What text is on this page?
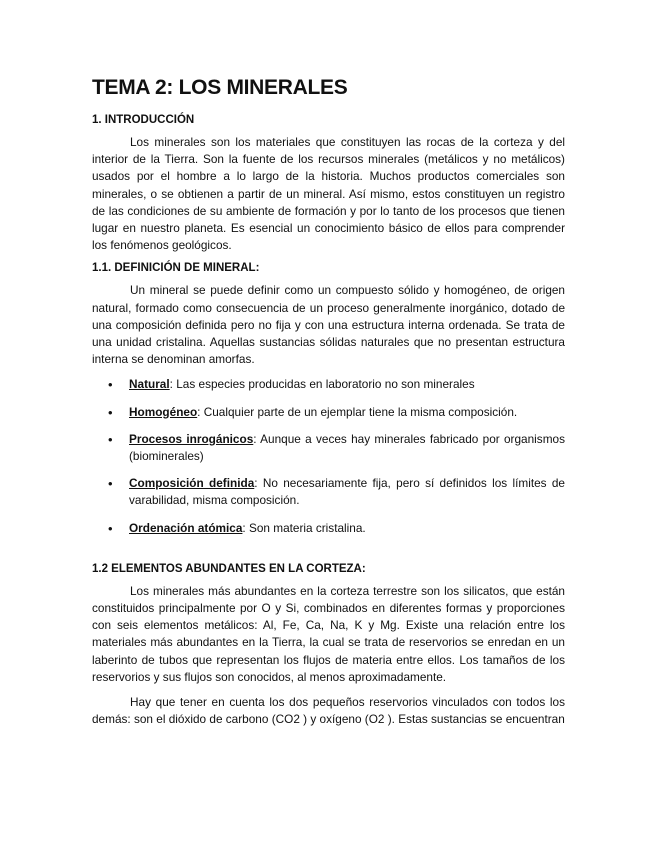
TEMA 2: LOS MINERALES
1. INTRODUCCIÓN

Los minerales son los materiales que constituyen las rocas de la corteza y del interior de la Tierra. Son la fuente de los recursos minerales (metálicos y no metálicos) usados por el hombre a lo largo de la historia. Muchos productos comerciales son minerales, o se obtienen a partir de un mineral. Así mismo, estos constituyen un registro de las condiciones de su ambiente de formación y por lo tanto de los procesos que tienen lugar en nuestro planeta. Es esencial un conocimiento básico de ellos para comprender los fenómenos geológicos.

1.1. DEFINICIÓN DE MINERAL:

Un mineral se puede definir como un compuesto sólido y homogéneo, de origen natural, formado como consecuencia de un proceso generalmente inorgánico, dotado de una composición definida pero no fija y con una estructura interna ordenada. Se trata de una unidad cristalina. Aquellas sustancias sólidas naturales que no presentan estructura interna se denominan amorfas.

• Natural: Las especies producidas en laboratorio no son minerales
• Homogéneo: Cualquier parte de un ejemplar tiene la misma composición.
• Procesos inrogánicos: Aunque a veces hay minerales fabricado por organismos (biominerales)
• Composición definida: No necesariamente fija, pero sí definidos los límites de varabilidad, misma composición.
• Ordenación atómica: Son materia cristalina.
1.2 ELEMENTOS ABUNDANTES EN LA CORTEZA:

Los minerales más abundantes en la corteza terrestre son los silicatos, que están constituidos principalmente por O y Si, combinados en diferentes formas y proporciones con seis elementos metálicos: Al, Fe, Ca, Na, K y Mg. Existe una relación entre los materiales más abundantes en la Tierra, la cual se trata de reservorios se enredan en un laberinto de tubos que representan los flujos de materia entre ellos. Los tamaños de los reservorios y sus flujos son conocidos, al menos aproximadamente.

Hay que tener en cuenta los dos pequeños reservorios vinculados con todos los demás: son el dióxido de carbono (CO2 ) y oxígeno (O2 ). Estas sustancias se encuentran
